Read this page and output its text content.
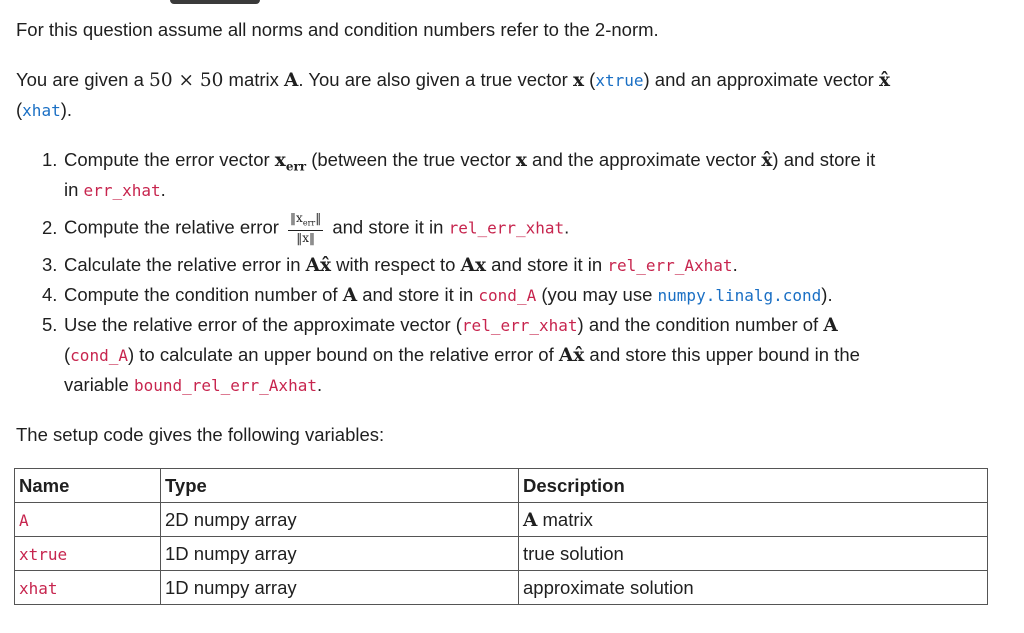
For this question assume all norms and condition numbers refer to the 2-norm.
You are given a 50 × 50 matrix A. You are also given a true vector x (xtrue) and an approximate vector x̂
(xhat).
1. Compute the error vector $x_{err}$ (between the true vector x and the approximate vector x̂) and store it
in err_xhat.
2. Compute the relative error $\frac{‖x_{err}‖}{‖x‖}$ and store it in rel_err_xhat.
3. Calculate the relative error in Ax̂ with respect to Ax and store it in rel_err_Axhat.
4. Compute the condition number of A and store it in cond_A (you may use numpy.linalg.cond).
5. Use the relative error of the approximate vector (rel_err_xhat) and the condition number of A
(cond_A) to calculate an upper bound on the relative error of Ax̂ and store this upper bound in the
variable bound_rel_err_Axhat.
The setup code gives the following variables:
Name	Type	Description
A	2D numpy array	A matrix
xtrue	1D numpy array	true solution
xhat	1D numpy array	approximate solution
